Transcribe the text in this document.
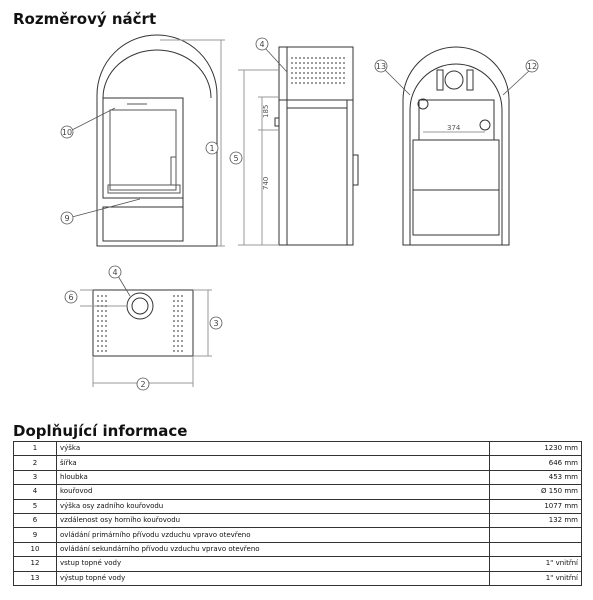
Rozměrový náčrt
185
740
374
10
9
1
4
5
13	12
4
6
3
2
Doplňující informace
1	výška	1230 mm
2	šířka	646 mm
3	hloubka	453 mm
4	kouřovod	Ø 150 mm
5	výška osy zadního kouřovodu	1077 mm
6	vzdálenost osy horního kouřovodu	132 mm
9	ovládání primárního přívodu vzduchu vpravo otevřeno	
10	ovládání sekundárního přívodu vzduchu vpravo otevřeno	
12	vstup topné vody	1" vnitřní
13	výstup topné vody	1" vnitřní
